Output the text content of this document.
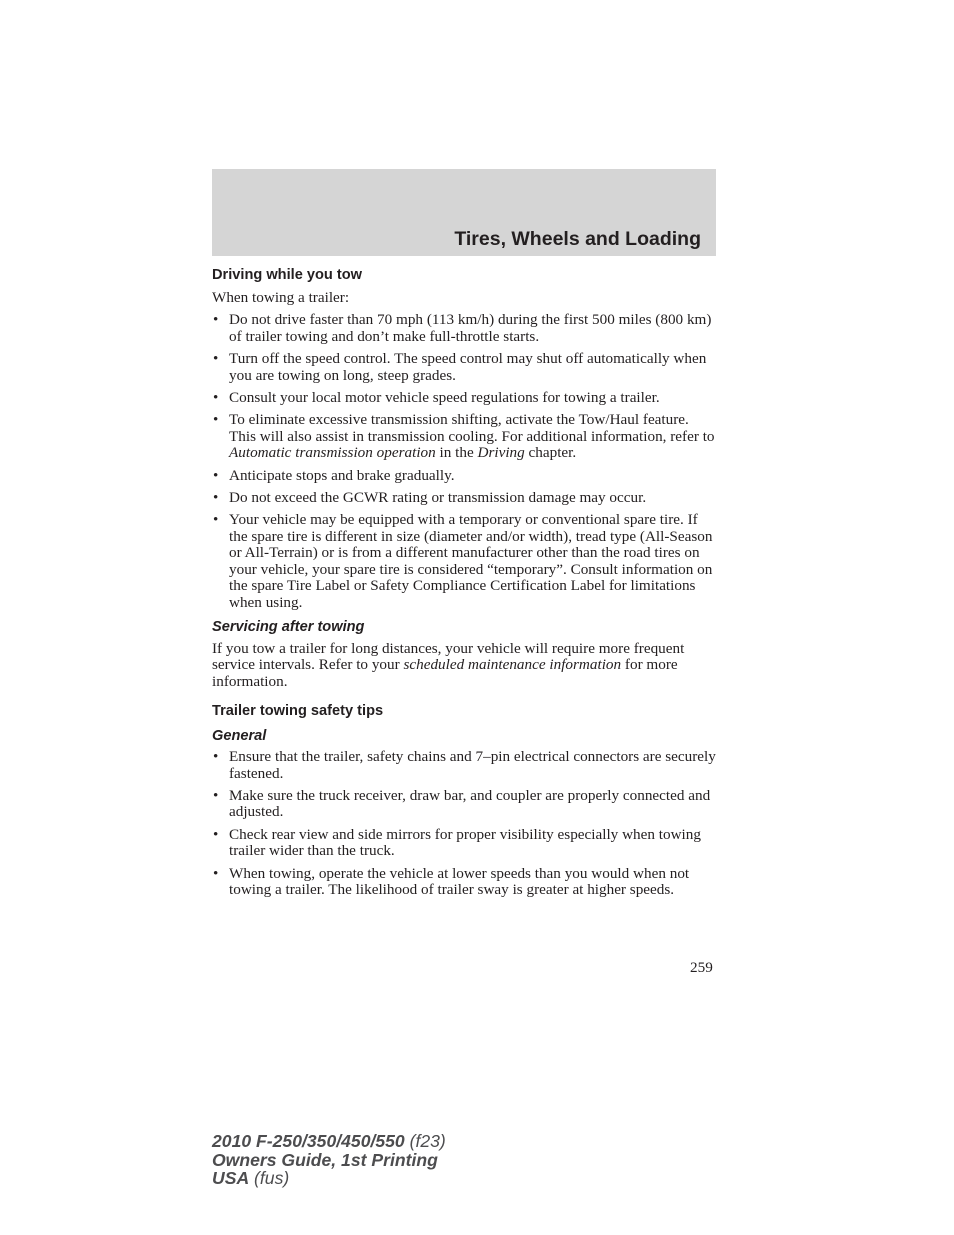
Tires, Wheels and Loading
Driving while you tow

When towing a trailer:

• Do not drive faster than 70 mph (113 km/h) during the first 500 miles (800 km) of trailer towing and don’t make full-throttle starts.
• Turn off the speed control. The speed control may shut off automatically when you are towing on long, steep grades.
• Consult your local motor vehicle speed regulations for towing a trailer.
• To eliminate excessive transmission shifting, activate the Tow/Haul feature. This will also assist in transmission cooling. For additional information, refer to Automatic transmission operation in the Driving chapter.
• Anticipate stops and brake gradually.
• Do not exceed the GCWR rating or transmission damage may occur.
• Your vehicle may be equipped with a temporary or conventional spare tire. If the spare tire is different in size (diameter and/or width), tread type (All-Season or All-Terrain) or is from a different manufacturer other than the road tires on your vehicle, your spare tire is considered “temporary”. Consult information on the spare Tire Label or Safety Compliance Certification Label for limitations when using.
Servicing after towing

If you tow a trailer for long distances, your vehicle will require more frequent service intervals. Refer to your scheduled maintenance information for more information.

Trailer towing safety tips
General
• Ensure that the trailer, safety chains and 7–pin electrical connectors are securely fastened.
• Make sure the truck receiver, draw bar, and coupler are properly connected and adjusted.
• Check rear view and side mirrors for proper visibility especially when towing trailer wider than the truck.
• When towing, operate the vehicle at lower speeds than you would when not towing a trailer. The likelihood of trailer sway is greater at higher speeds.
259
2010 F-250/350/450/550 (f23)
Owners Guide, 1st Printing
USA (fus)
